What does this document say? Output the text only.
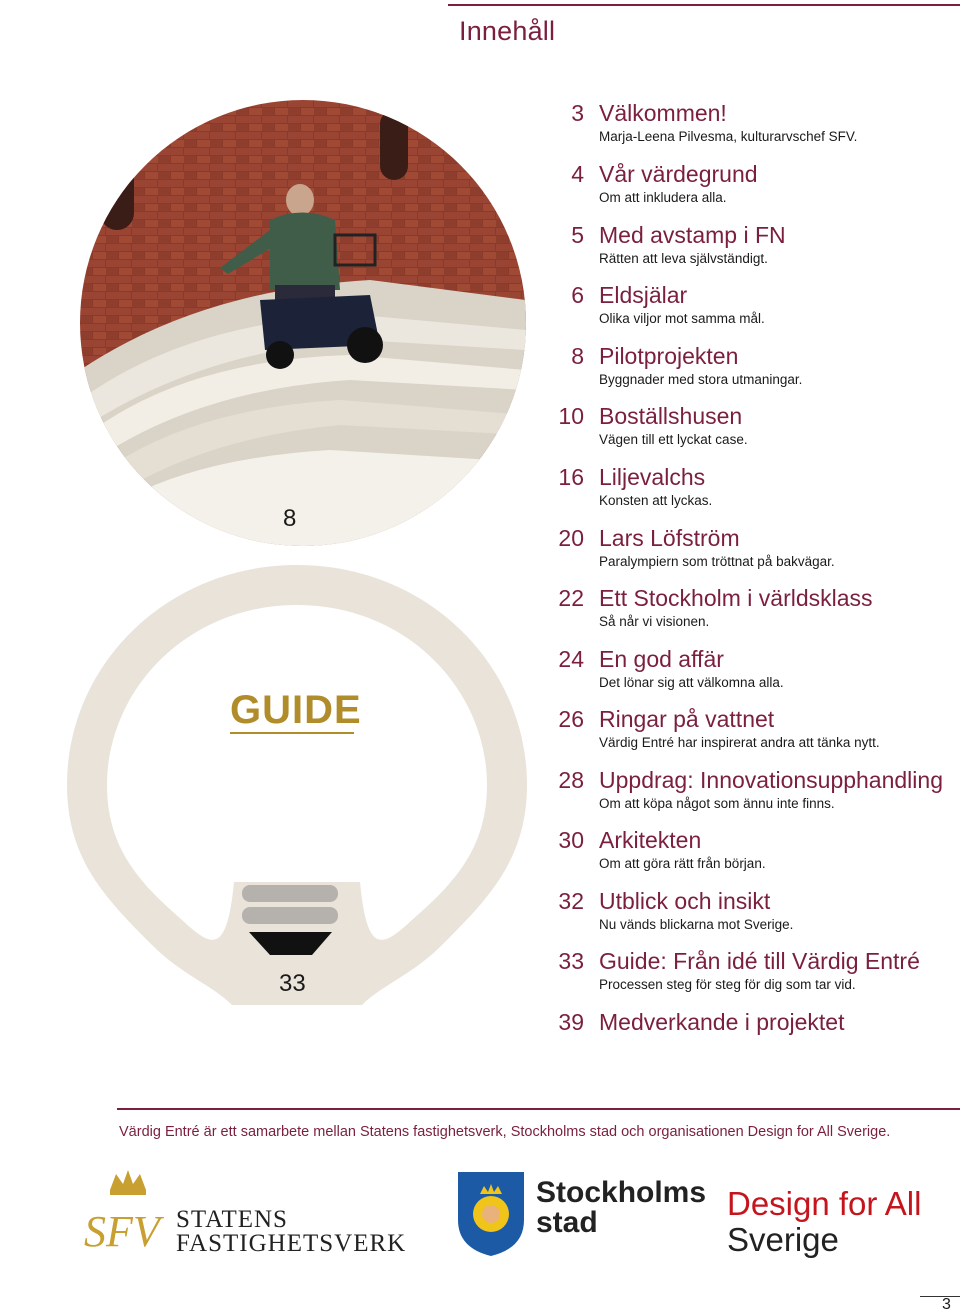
Innehåll
8
GUIDE
33
3 Välkommen!
Marja-Leena Pilvesma, kulturarvschef SFV.
4 Vår värdegrund
Om att inkludera alla.
5 Med avstamp i FN
Rätten att leva självständigt.
6 Eldsjälar
Olika viljor mot samma mål.
8 Pilotprojekten
Byggnader med stora utmaningar.
10 Boställshusen
Vägen till ett lyckat case.
16 Liljevalchs
Konsten att lyckas.
20 Lars Löfström
Paralympiern som tröttnat på bakvägar.
22 Ett Stockholm i världsklass
Så når vi visionen.
24 En god affär
Det lönar sig att välkomna alla.
26 Ringar på vattnet
Värdig Entré har inspirerat andra att tänka nytt.
28 Uppdrag: Innovationsupphandling
Om att köpa något som ännu inte finns.
30 Arkitekten
Om att göra rätt från början.
32 Utblick och insikt
Nu vänds blickarna mot Sverige.
33 Guide: Från idé till Värdig Entré
Processen steg för steg för dig som tar vid.
39 Medverkande i projektet
Värdig Entré är ett samarbete mellan Statens fastighetsverk, Stockholms stad och organisationen Design for All Sverige.
SFV STATENS
FASTIGHETSVERK
Stockholms
stad
Design for All
Sverige
3
